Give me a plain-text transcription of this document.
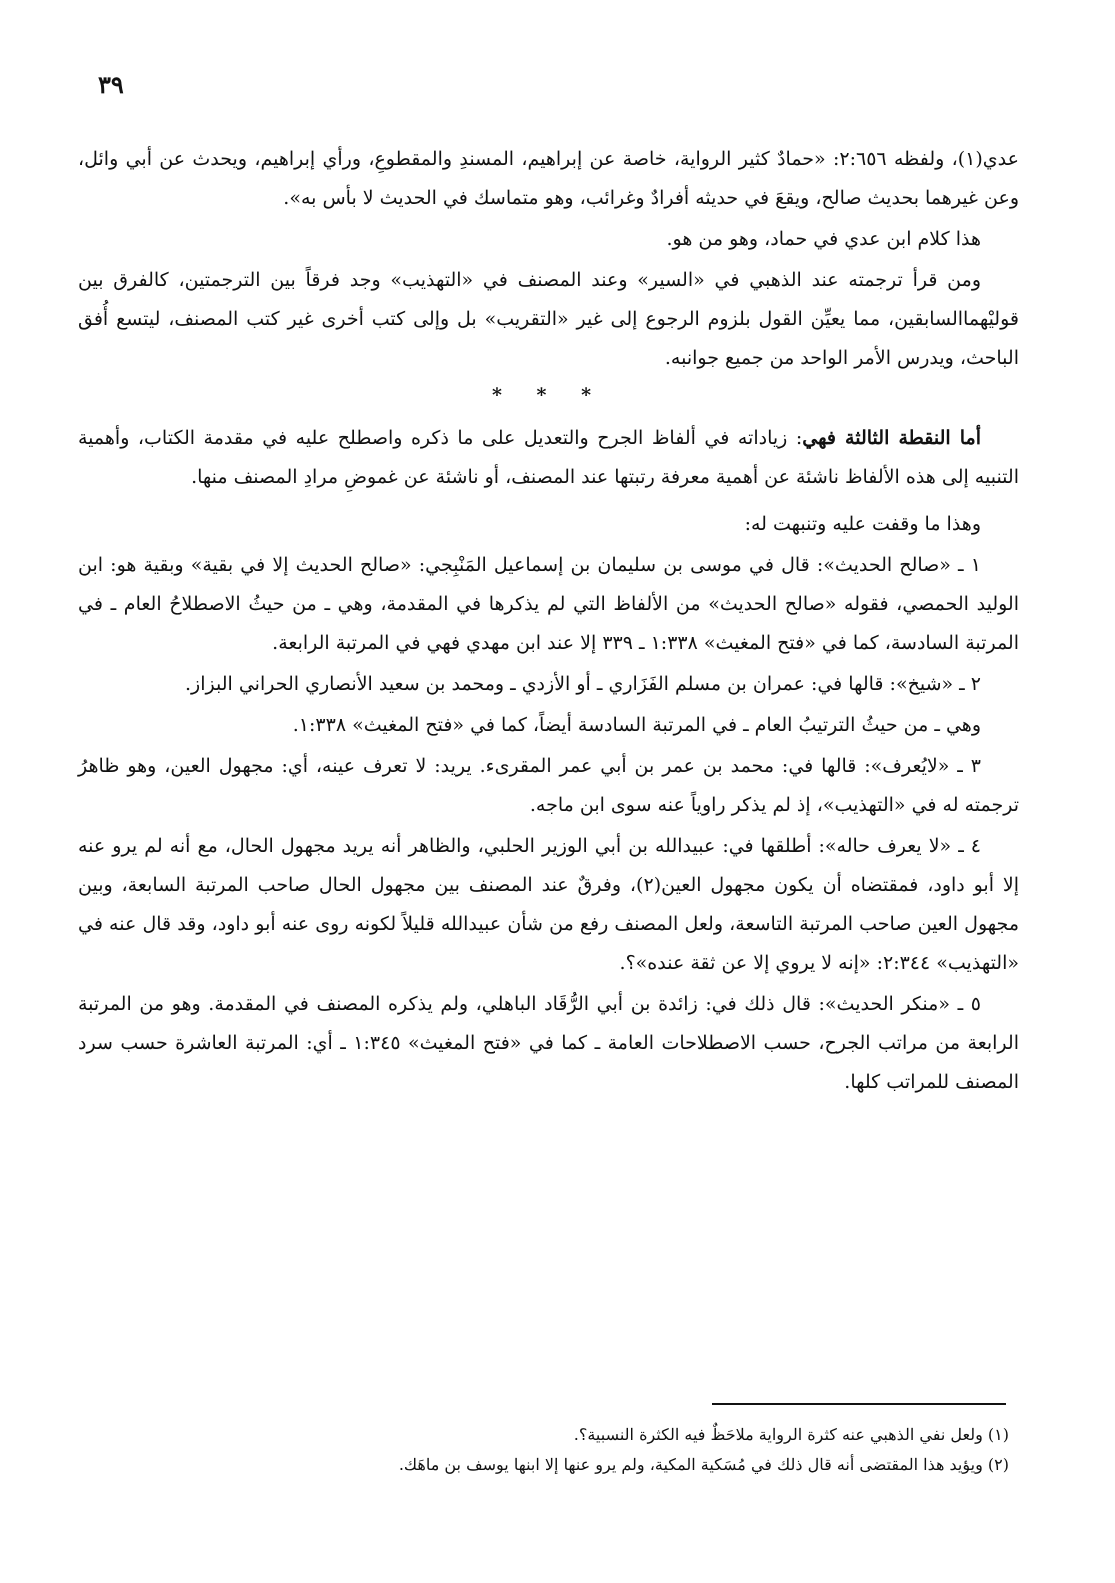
٣٩

عدي(١)، ولفظه ٢:٦٥٦: «حمادٌ كثير الرواية، خاصة عن إبراهيم، المسندِ والمقطوعِ، ورأي إبراهيم، ويحدث عن أبي وائل، وعن غيرهما بحديث صالح، ويقعَ في حديثه أفرادٌ وغرائب، وهو متماسك في الحديث لا بأس به».

هذا كلام ابن عدي في حماد، وهو من هو.

ومن قرأ ترجمته عند الذهبي في «السير» وعند المصنف في «التهذيب» وجد فرقاً بين الترجمتين، كالفرق بين قوليْهماالسابقين، مما يعيِّن القول بلزوم الرجوع إلى غير «التقريب» بل وإلى كتب أخرى غير كتب المصنف، ليتسع أُفق الباحث، ويدرس الأمر الواحد من جميع جوانبه.

* * *

أما النقطة الثالثة فهي: زياداته في ألفاظ الجرح والتعديل على ما ذكره واصطلح عليه في مقدمة الكتاب، وأهمية التنبيه إلى هذه الألفاظ ناشئة عن أهمية معرفة رتبتها عند المصنف، أو ناشئة عن غموضِ مرادِ المصنف منها.

وهذا ما وقفت عليه وتنبهت له:

١ ـ «صالح الحديث»: قال في موسى بن سليمان بن إسماعيل المَنْبِجي: «صالح الحديث إلا في بقية» وبقية هو: ابن الوليد الحمصي، فقوله «صالح الحديث» من الألفاظ التي لم يذكرها في المقدمة، وهي ـ من حيثُ الاصطلاحُ العام ـ في المرتبة السادسة، كما في «فتح المغيث» ١:٣٣٨ ـ ٣٣٩ إلا عند ابن مهدي فهي في المرتبة الرابعة.

٢ ـ «شيخ»: قالها في: عمران بن مسلم الفَزَاري ـ أو الأزدي ـ ومحمد بن سعيد الأنصاري الحراني البزاز.

وهي ـ من حيثُ الترتيبُ العام ـ في المرتبة السادسة أيضاً، كما في «فتح المغيث» ١:٣٣٨.

٣ ـ «لايُعرف»: قالها في: محمد بن عمر بن أبي عمر المقرىء. يريد: لا تعرف عينه، أي: مجهول العين، وهو ظاهرُ ترجمته له في «التهذيب»، إذ لم يذكر راوياً عنه سوى ابن ماجه.

٤ ـ «لا يعرف حاله»: أطلقها في: عبيدالله بن أبي الوزير الحلبي، والظاهر أنه يريد مجهول الحال، مع أنه لم يرو عنه إلا أبو داود، فمقتضاه أن يكون مجهول العين(٢)، وفرقٌ عند المصنف بين مجهول الحال صاحب المرتبة السابعة، وبين مجهول العين صاحب المرتبة التاسعة، ولعل المصنف رفع من شأن عبيدالله قليلاً لكونه روى عنه أبو داود، وقد قال عنه في «التهذيب» ٢:٣٤٤: «إنه لا يروي إلا عن ثقة عنده»؟.

٥ ـ «منكر الحديث»: قال ذلك في: زائدة بن أبي الرُّقَاد الباهلي، ولم يذكره المصنف في المقدمة. وهو من المرتبة الرابعة من مراتب الجرح، حسب الاصطلاحات العامة ـ كما في «فتح المغيث» ١:٣٤٥ ـ أي: المرتبة العاشرة حسب سرد المصنف للمراتب كلها.

(١) ولعل نفي الذهبي عنه كثرة الرواية ملاحَظٌ فيه الكثرة النسبية؟.

(٢) ويؤيد هذا المقتضى أنه قال ذلك في مُسَكية المكية، ولم يرو عنها إلا ابنها يوسف بن ماهَك.
